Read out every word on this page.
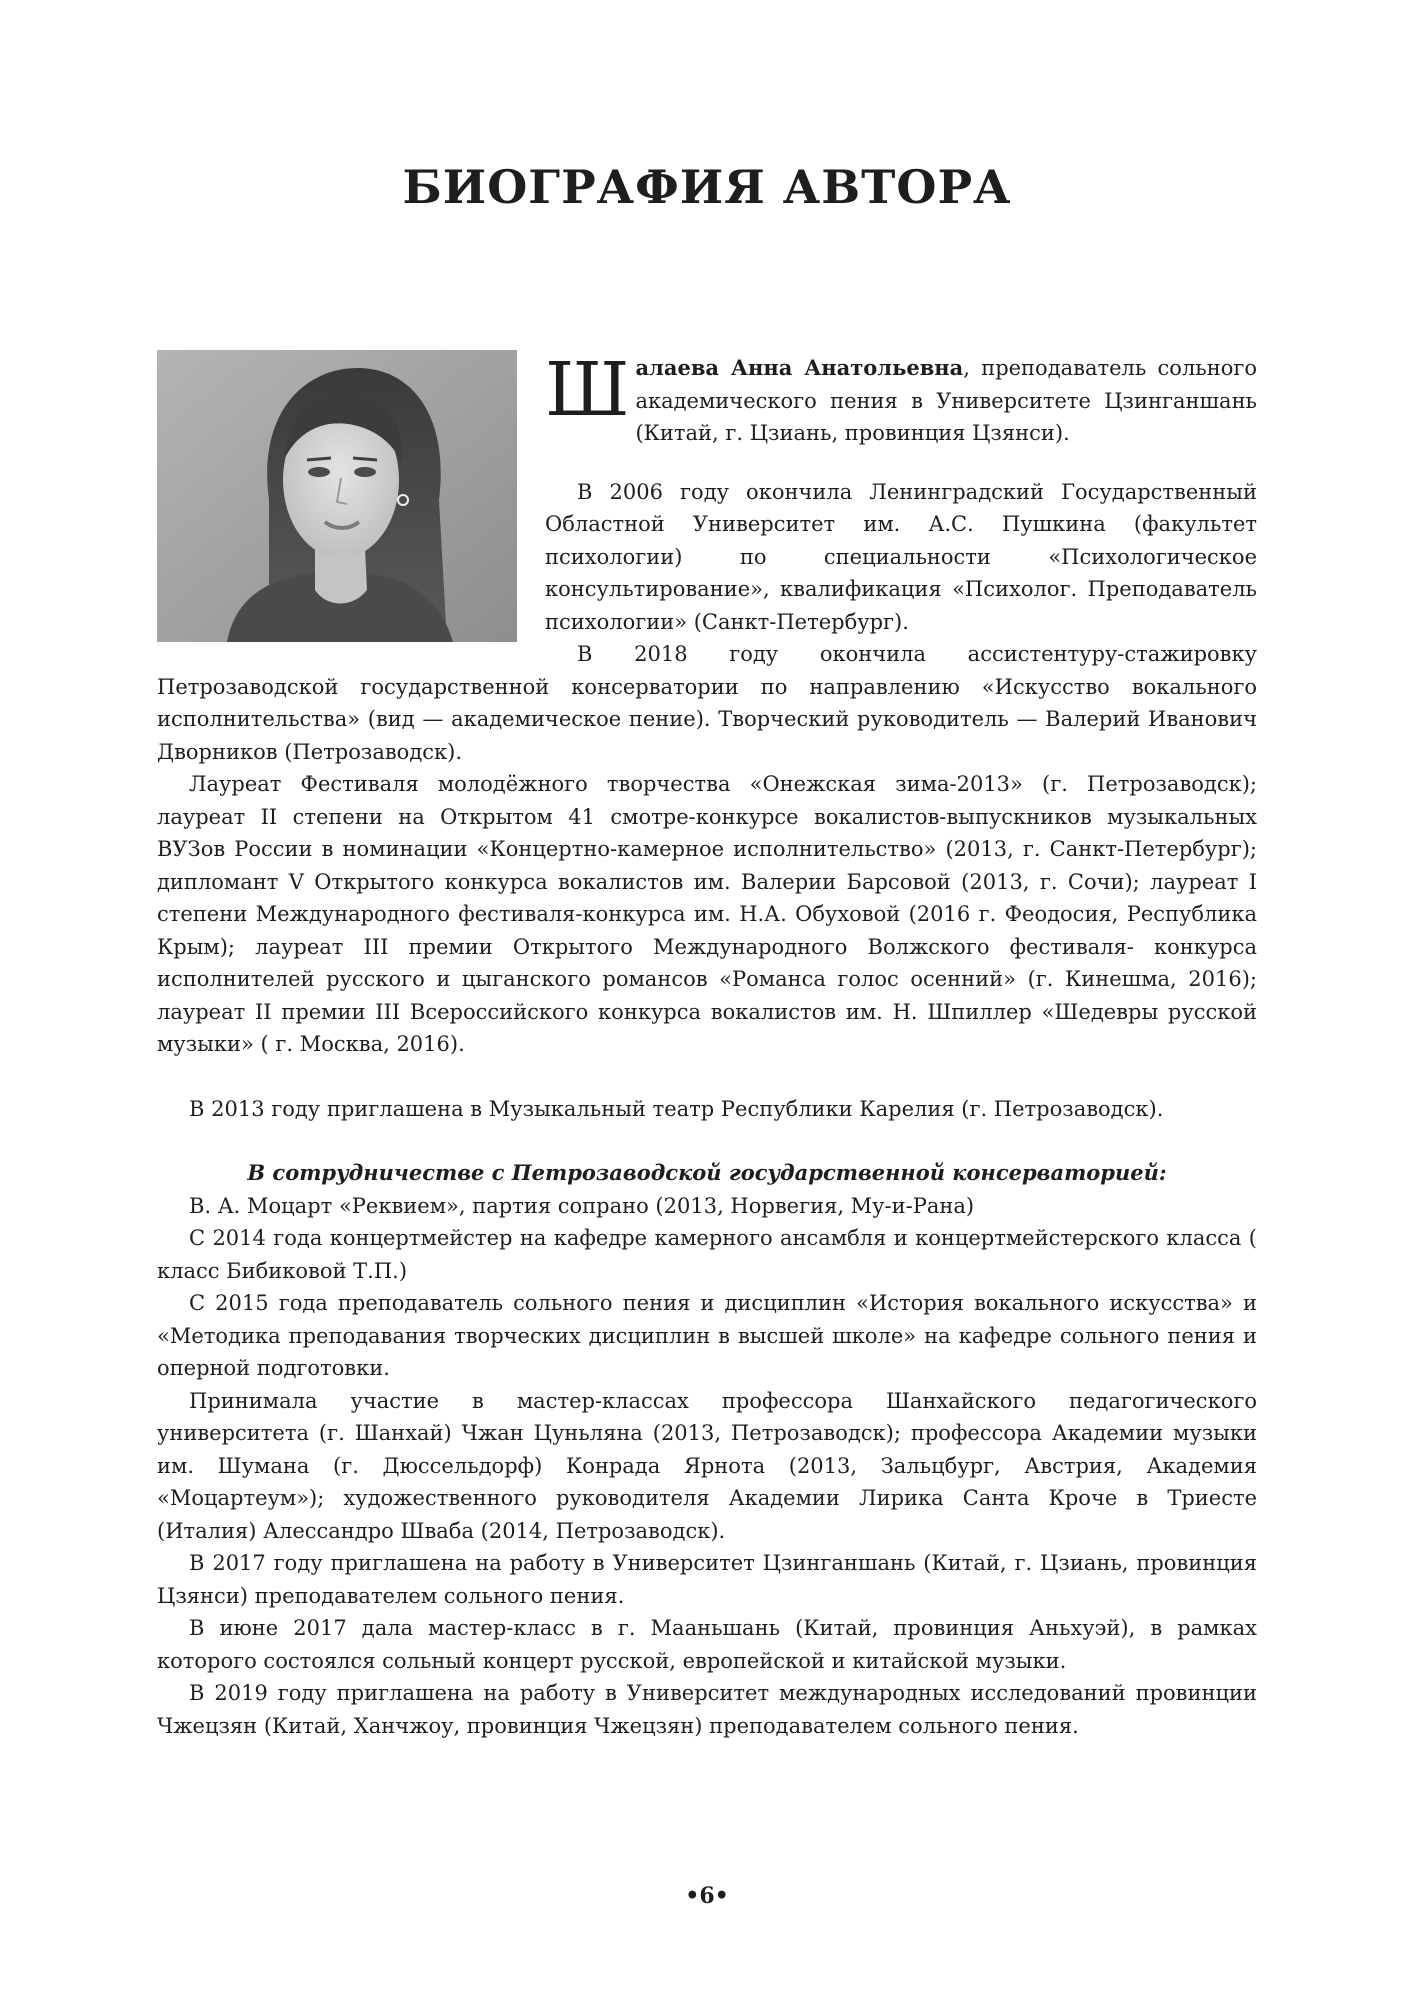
БИОГРАФИЯ АВТОРА

Шалаева Анна Анатольевна, преподаватель сольного академического пения в Университете Цзинганшань (Китай, г. Цзиань, провинция Цзянси).

В 2006 году окончила Ленинградский Государственный Областной Университет им. А.С. Пушкина (факультет психологии) по специальности «Психологическое консультирование», квалификация «Психолог. Преподаватель психологии» (Санкт-Петербург).

В 2018 году окончила ассистентуру-стажировку Петрозаводской государственной консерватории по направлению «Искусство вокального исполнительства» (вид — академическое пение). Творческий руководитель — Валерий Иванович Дворников (Петрозаводск).

Лауреат Фестиваля молодёжного творчества «Онежская зима-2013» (г. Петрозаводск); лауреат II степени на Открытом 41 смотре-конкурсе вокалистов-выпускников музыкальных ВУЗов России в номинации «Концертно-камерное исполнительство» (2013, г. Санкт-Петербург); дипломант V Открытого конкурса вокалистов им. Валерии Барсовой (2013, г. Сочи); лауреат I степени Международного фестиваля-конкурса им. Н.А. Обуховой (2016 г. Феодосия, Республика Крым); лауреат III премии Открытого Международного Волжского фестиваля- конкурса исполнителей русского и цыганского романсов «Романса голос осенний» (г. Кинешма, 2016); лауреат II премии III Всероссийского конкурса вокалистов им. Н. Шпиллер «Шедевры русской музыки» ( г. Москва, 2016).

В 2013 году приглашена в Музыкальный театр Республики Карелия (г. Петрозаводск).

В сотрудничестве с Петрозаводской государственной консерваторией:

В. А. Моцарт «Реквием», партия сопрано (2013, Норвегия, Му-и-Рана)

С 2014 года концертмейстер на кафедре камерного ансамбля и концертмейстерского класса ( класс Бибиковой Т.П.)

С 2015 года преподаватель сольного пения и дисциплин «История вокального искусства» и «Методика преподавания творческих дисциплин в высшей школе» на кафедре сольного пения и оперной подготовки.

Принимала участие в мастер-классах профессора Шанхайского педагогического университета (г. Шанхай) Чжан Цуньляна (2013, Петрозаводск); профессора Академии музыки им. Шумана (г. Дюссельдорф) Конрада Ярнота (2013, Зальцбург, Австрия, Академия «Моцартеум»); художественного руководителя Академии Лирика Санта Кроче в Триесте (Италия) Алессандро Шваба (2014, Петрозаводск).

В 2017 году приглашена на работу в Университет Цзинганшань (Китай, г. Цзиань, провинция Цзянси) преподавателем сольного пения.

В июне 2017 дала мастер-класс в г. Мааньшань (Китай, провинция Аньхуэй), в рамках которого состоялся сольный концерт русской, европейской и китайской музыки.

В 2019 году приглашена на работу в Университет международных исследований провинции Чжецзян (Китай, Ханчжоу, провинция Чжецзян) преподавателем сольного пения.

•6•
